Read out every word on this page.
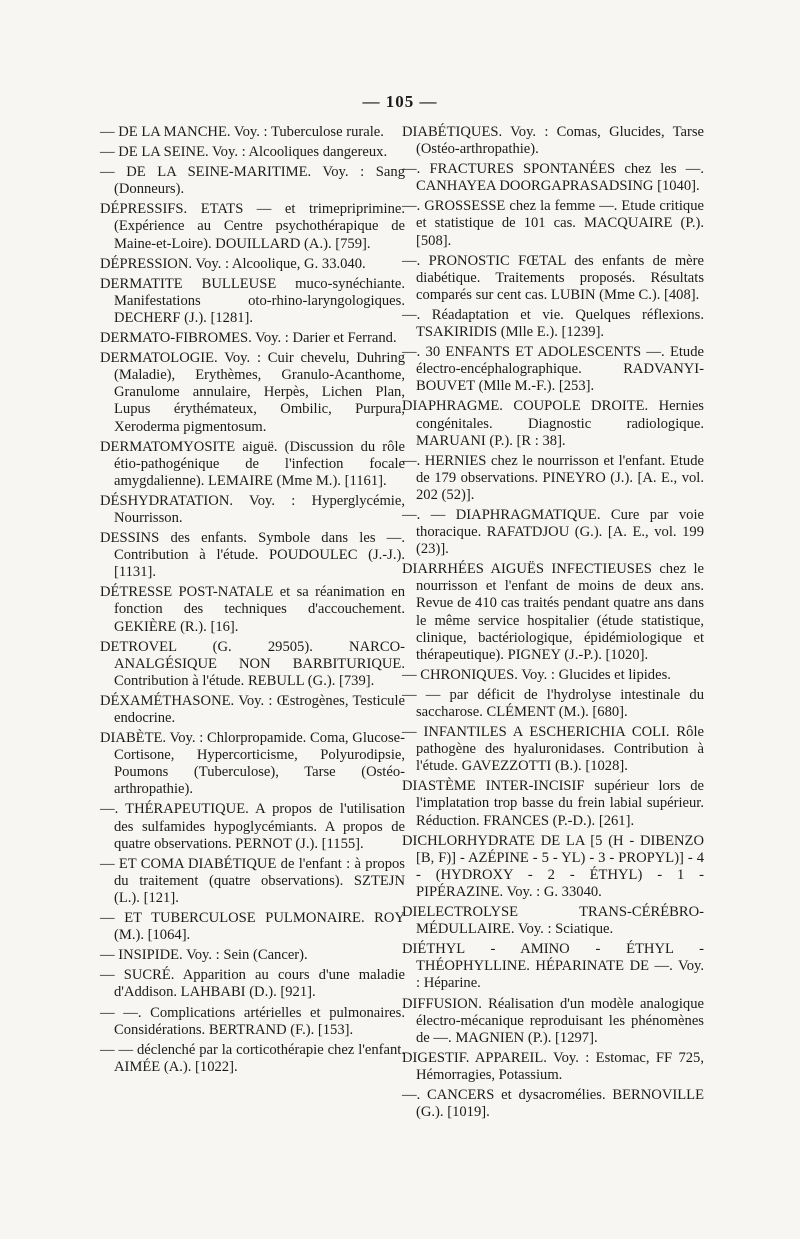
— 105 —

— DE LA MANCHE. Voy. : Tuberculose rurale.

— DE LA SEINE. Voy. : Alcooliques dangereux.

— DE LA SEINE-MARITIME. Voy. : Sang (Donneurs).

DÉPRESSIFS. ETATS — et trimepriprimine. (Expérience au Centre psychothérapique de Maine-et-Loire). DOUILLARD (A.). [759].

DÉPRESSION. Voy. : Alcoolique, G. 33.040.

DERMATITE BULLEUSE muco-synéchiante. Manifestations oto-rhino-laryngologiques. DECHERF (J.). [1281].

DERMATO-FIBROMES. Voy. : Darier et Ferrand.

DERMATOLOGIE. Voy. : Cuir chevelu, Duhring (Maladie), Erythèmes, Granulo-Acanthome, Granulome annulaire, Herpès, Lichen Plan, Lupus érythémateux, Ombilic, Purpura, Xeroderma pigmentosum.

DERMATOMYOSITE aiguë. (Discussion du rôle étio-pathogénique de l'infection focale amygdalienne). LEMAIRE (Mme M.). [1161].

DÉSHYDRATATION. Voy. : Hyperglycémie, Nourrisson.

DESSINS des enfants. Symbole dans les —. Contribution à l'étude. POUDOULEC (J.-J.). [1131].

DÉTRESSE POST-NATALE et sa réanimation en fonction des techniques d'accouchement. GEKIÈRE (R.). [16].

DETROVEL (G. 29505). NARCO-ANALGÉSIQUE NON BARBITURIQUE. Contribution à l'étude. REBULL (G.). [739].

DÉXAMÉTHASONE. Voy. : Œstrogènes, Testicule endocrine.

DIABÈTE. Voy. : Chlorpropamide. Coma, Glucose-Cortisone, Hypercorticisme, Polyurodipsie, Poumons (Tuberculose), Tarse (Ostéo-arthropathie).

—. THÉRAPEUTIQUE. A propos de l'utilisation des sulfamides hypoglycémiants. A propos de quatre observations. PERNOT (J.). [1155].

— ET COMA DIABÉTIQUE de l'enfant : à propos du traitement (quatre observations). SZTEJN (L.). [121].

— ET TUBERCULOSE PULMONAIRE. ROY (M.). [1064].

— INSIPIDE. Voy. : Sein (Cancer).

— SUCRÉ. Apparition au cours d'une maladie d'Addison. LAHBABI (D.). [921].

— —. Complications artérielles et pulmonaires. Considérations. BERTRAND (F.). [153].

— — déclenché par la corticothérapie chez l'enfant. AIMÉE (A.). [1022].

DIABÉTIQUES. Voy. : Comas, Glucides, Tarse (Ostéo-arthropathie).

—. FRACTURES SPONTANÉES chez les —. CANHAYEA DOORGAPRASADSING [1040].

—. GROSSESSE chez la femme —. Etude critique et statistique de 101 cas. MACQUAIRE (P.). [508].

—. PRONOSTIC FŒTAL des enfants de mère diabétique. Traitements proposés. Résultats comparés sur cent cas. LUBIN (Mme C.). [408].

—. Réadaptation et vie. Quelques réflexions. TSAKIRIDIS (Mlle E.). [1239].

—. 30 ENFANTS ET ADOLESCENTS —. Etude électro-encéphalographique. RADVANYI-BOUVET (Mlle M.-F.). [253].

DIAPHRAGME. COUPOLE DROITE. Hernies congénitales. Diagnostic radiologique. MARUANI (P.). [R : 38].

—. HERNIES chez le nourrisson et l'enfant. Etude de 179 observations. PINEYRO (J.). [A. E., vol. 202 (52)].

—. — DIAPHRAGMATIQUE. Cure par voie thoracique. RAFATDJOU (G.). [A. E., vol. 199 (23)].

DIARRHÉES AIGUËS INFECTIEUSES chez le nourrisson et l'enfant de moins de deux ans. Revue de 410 cas traités pendant quatre ans dans le même service hospitalier (étude statistique, clinique, bactériologique, épidémiologique et thérapeutique). PIGNEY (J.-P.). [1020].

— CHRONIQUES. Voy. : Glucides et lipides.

— — par déficit de l'hydrolyse intestinale du saccharose. CLÉMENT (M.). [680].

— INFANTILES A ESCHERICHIA COLI. Rôle pathogène des hyaluronidases. Contribution à l'étude. GAVEZZOTTI (B.). [1028].

DIASTÈME INTER-INCISIF supérieur lors de l'implatation trop basse du frein labial supérieur. Réduction. FRANCES (P.-D.). [261].

DICHLORHYDRATE DE LA [5 (H - DIBENZO [B, F)] - AZÉPINE - 5 - YL) - 3 - PROPYL)] - 4 - (HYDROXY - 2 - ÉTHYL) - 1 - PIPÉRAZINE. Voy. : G. 33040.

DIELECTROLYSE TRANS-CÉRÉBRO-MÉDULLAIRE. Voy. : Sciatique.

DIÉTHYL - AMINO - ÉTHYL - THÉOPHYLLINE. HÉPARINATE DE —. Voy. : Héparine.

DIFFUSION. Réalisation d'un modèle analogique électro-mécanique reproduisant les phénomènes de —. MAGNIEN (P.). [1297].

DIGESTIF. APPAREIL. Voy. : Estomac, FF 725, Hémorragies, Potassium.

—. CANCERS et dysacromélies. BERNOVILLE (G.). [1019].
